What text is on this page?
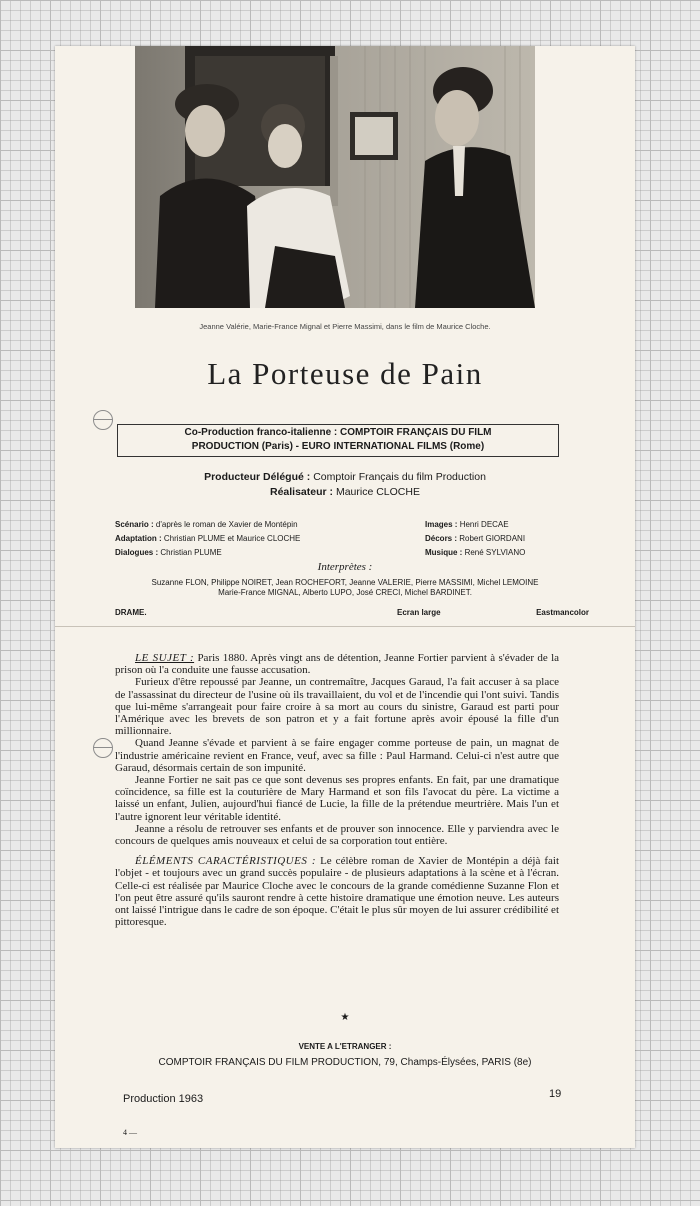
Jeanne Valérie, Marie-France Mignal et Pierre Massimi, dans le film de Maurice Cloche.
La Porteuse de Pain
Co-Production franco-italienne : COMPTOIR FRANÇAIS DU FILM
PRODUCTION (Paris) - EURO INTERNATIONAL FILMS (Rome)
Producteur Délégué : Comptoir Français du film Production
Réalisateur : Maurice CLOCHE
Scénario : d'après le roman de Xavier de Montépin
Adaptation : Christian PLUME et Maurice CLOCHE
Dialogues : Christian PLUME
Images : Henri DECAE
Décors : Robert GIORDANI
Musique : René SYLVIANO
Interprètes :
Suzanne FLON, Philippe NOIRET, Jean ROCHEFORT, Jeanne VALERIE, Pierre MASSIMI, Michel LEMOINE
Marie-France MIGNAL, Alberto LUPO, José CRECI, Michel BARDINET.
DRAME.	Ecran large	Eastmancolor

LE SUJET : Paris 1880. Après vingt ans de détention, Jeanne Fortier parvient à s'évader de la prison où l'a conduite une fausse accusation.

Furieux d'être repoussé par Jeanne, un contremaître, Jacques Garaud, l'a fait accuser à sa place de l'assassinat du directeur de l'usine où ils travaillaient, du vol et de l'incendie qui l'ont suivi. Tandis que lui-même s'arrangeait pour faire croire à sa mort au cours du sinistre, Garaud est parti pour l'Amérique avec les brevets de son patron et y a fait fortune après avoir épousé la fille d'un millionnaire.

Quand Jeanne s'évade et parvient à se faire engager comme porteuse de pain, un magnat de l'industrie américaine revient en France, veuf, avec sa fille : Paul Harmand. Celui-ci n'est autre que Garaud, désormais certain de son impunité.

Jeanne Fortier ne sait pas ce que sont devenus ses propres enfants. En fait, par une dramatique coïncidence, sa fille est la couturière de Mary Harmand et son fils l'avocat du père. La victime a laissé un enfant, Julien, aujourd'hui fiancé de Lucie, la fille de la prétendue meurtrière. Mais l'un et l'autre ignorent leur véritable identité.

Jeanne a résolu de retrouver ses enfants et de prouver son innocence. Elle y parviendra avec le concours de quelques amis nouveaux et celui de sa corporation tout entière.

ÉLÉMENTS CARACTÉRISTIQUES : Le célèbre roman de Xavier de Montépin a déjà fait l'objet - et toujours avec un grand succès populaire - de plusieurs adaptations à la scène et à l'écran. Celle-ci est réalisée par Maurice Cloche avec le concours de la grande comédienne Suzanne Flon et l'on peut être assuré qu'ils sauront rendre à cette histoire dramatique une émotion neuve. Les auteurs ont laissé l'intrigue dans le cadre de son époque. C'était le plus sûr moyen de lui assurer crédibilité et pittoresque.

★
VENTE A L'ETRANGER :
COMPTOIR FRANÇAIS DU FILM PRODUCTION, 79, Champs-Élysées, PARIS (8e)
Production 1963	19
4 —
